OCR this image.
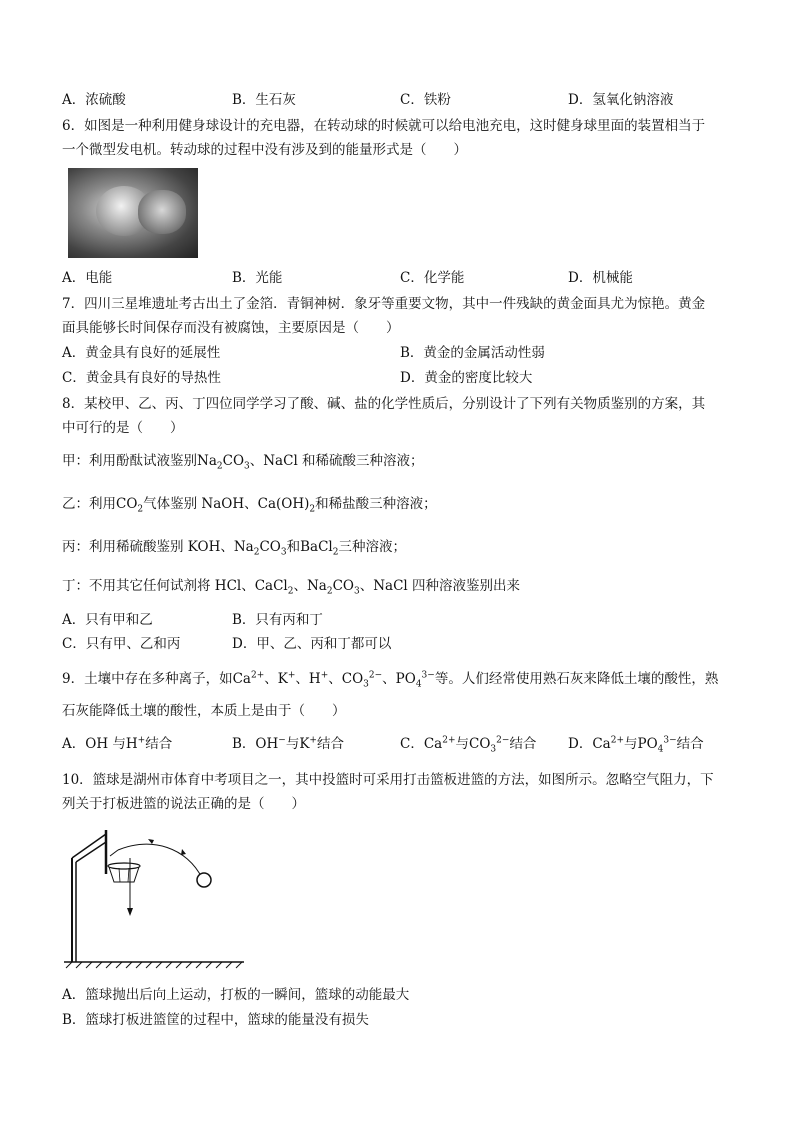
A．浓硫酸	B．生石灰	C．铁粉	D．氢氧化钠溶液
6．如图是一种利用健身球设计的充电器，在转动球的时候就可以给电池充电，这时健身球里面的装置相当于
一个微型发电机。转动球的过程中没有涉及到的能量形式是（　　）
A．电能	B．光能	C．化学能	D．机械能
7．四川三星堆遗址考古出土了金箔．青铜神树．象牙等重要文物，其中一件残缺的黄金面具尤为惊艳。黄金
面具能够长时间保存而没有被腐蚀，主要原因是（　　）
A．黄金具有良好的延展性	B．黄金的金属活动性弱
C．黄金具有良好的导热性	D．黄金的密度比较大
8．某校甲、乙、丙、丁四位同学学习了酸、碱、盐的化学性质后，分别设计了下列有关物质鉴别的方案，其
中可行的是（　　）
甲：利用酚酞试液鉴别$Na_2CO_3$、NaCl 和稀硫酸三种溶液；
乙：利用$CO_2$气体鉴别 NaOH、$Ca(OH)_2$和稀盐酸三种溶液；
丙：利用稀硫酸鉴别 KOH、$Na_2CO_3$和BaCl$_2$三种溶液；
丁：不用其它任何试剂将 HCl、CaCl$_2$、$Na_2CO_3$、NaCl 四种溶液鉴别出来
A．只有甲和乙	B．只有丙和丁
C．只有甲、乙和丙	D．甲、乙、丙和丁都可以
9．土壤中存在多种离子，如$Ca^{2+}$、K+、H+、$CO_3^{2-}$、$PO_4^{3-}$等。人们经常使用熟石灰来降低土壤的酸性，熟
石灰能降低土壤的酸性，本质上是由于（　　）
A．OH 与H+结合	B．OH−与K+结合	C．$Ca^{2+}$与$CO_3^{2-}$结合 D．$Ca^{2+}$与$PO_4^{3-}$结合
10．篮球是湖州市体育中考项目之一，其中投篮时可采用打击篮板进篮的方法，如图所示。忽略空气阻力，下
列关于打板进篮的说法正确的是（　　）
A．篮球抛出后向上运动，打板的一瞬间，篮球的动能最大
B．篮球打板进篮筐的过程中，篮球的能量没有损失
